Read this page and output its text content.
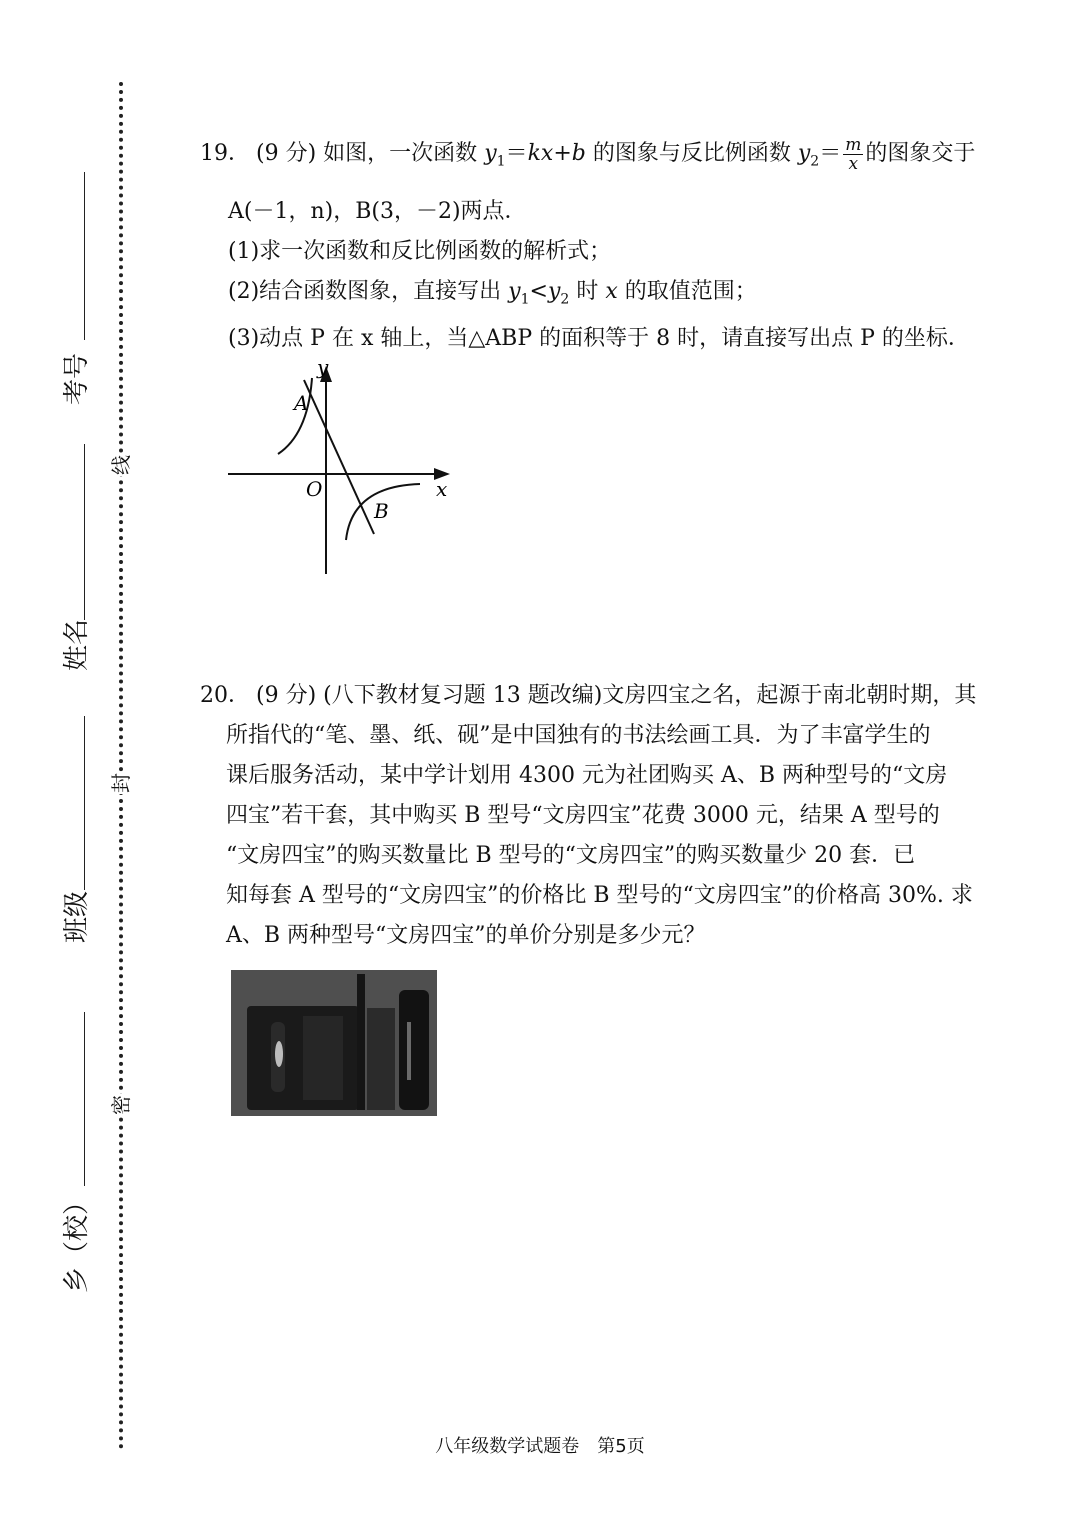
线
封
密
考号
姓名
班级
乡（校）

19． (9 分) 如图，一次函数 $y_1=kx+b$ 的图象与反比例函数 $y_2= \frac{m}{x}$ 的图象交于

A(－1，n)，B(3，－2)两点．

(1)求一次函数和反比例函数的解析式；

(2)结合函数图象，直接写出 $y_1<y_2$ 时 x 的取值范围；

(3)动点 P 在 x 轴上，当△ABP 的面积等于 8 时，请直接写出点 P 的坐标．

y
x
O
A
B

20． (9 分) (八下教材复习题 13 题改编)文房四宝之名，起源于南北朝时期，其

所指代的“笔、墨、纸、砚”是中国独有的书法绘画工具．为了丰富学生的

课后服务活动，某中学计划用 4300 元为社团购买 A、B 两种型号的“文房

四宝”若干套，其中购买 B 型号“文房四宝”花费 3000 元，结果 A 型号的

“文房四宝”的购买数量比 B 型号的“文房四宝”的购买数量少 20 套．已

知每套 A 型号的“文房四宝”的价格比 B 型号的“文房四宝”的价格高 30%. 求

A、B 两种型号“文房四宝”的单价分别是多少元？

八年级数学试题卷　第5页
